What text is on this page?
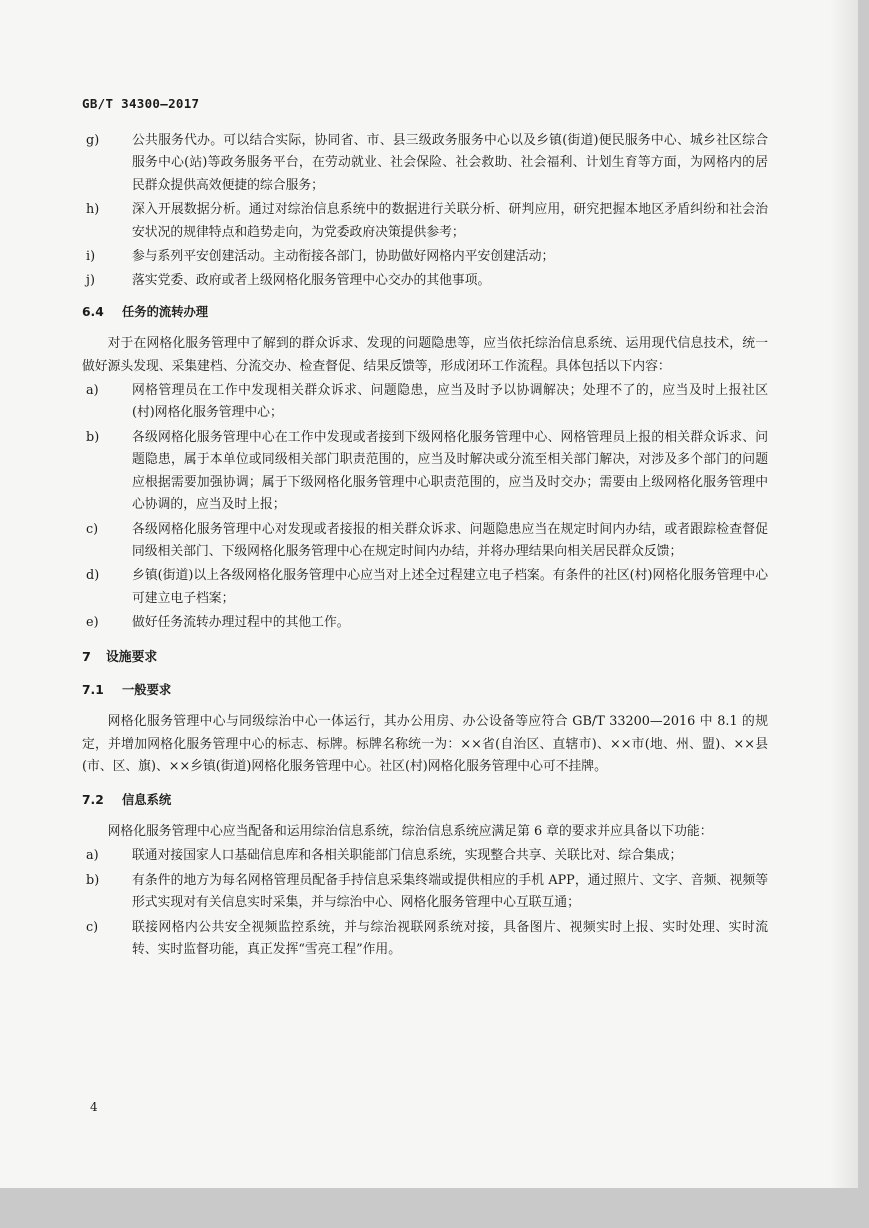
GB/T 34300—2017
g)	公共服务代办。可以结合实际，协同省、市、县三级政务服务中心以及乡镇(街道)便民服务中心、城乡社区综合服务中心(站)等政务服务平台，在劳动就业、社会保险、社会救助、社会福利、计划生育等方面，为网格内的居民群众提供高效便捷的综合服务；
h)	深入开展数据分析。通过对综治信息系统中的数据进行关联分析、研判应用，研究把握本地区矛盾纠纷和社会治安状况的规律特点和趋势走向，为党委政府决策提供参考；
i)	参与系列平安创建活动。主动衔接各部门，协助做好网格内平安创建活动；
j)	落实党委、政府或者上级网格化服务管理中心交办的其他事项。
6.4 任务的流转办理
对于在网格化服务管理中了解到的群众诉求、发现的问题隐患等，应当依托综治信息系统、运用现代信息技术，统一做好源头发现、采集建档、分流交办、检查督促、结果反馈等，形成闭环工作流程。具体包括以下内容：
a)	网格管理员在工作中发现相关群众诉求、问题隐患，应当及时予以协调解决；处理不了的，应当及时上报社区(村)网格化服务管理中心；
b)	各级网格化服务管理中心在工作中发现或者接到下级网格化服务管理中心、网格管理员上报的相关群众诉求、问题隐患，属于本单位或同级相关部门职责范围的，应当及时解决或分流至相关部门解决，对涉及多个部门的问题应根据需要加强协调；属于下级网格化服务管理中心职责范围的，应当及时交办；需要由上级网格化服务管理中心协调的，应当及时上报；
c)	各级网格化服务管理中心对发现或者接报的相关群众诉求、问题隐患应当在规定时间内办结，或者跟踪检查督促同级相关部门、下级网格化服务管理中心在规定时间内办结，并将办理结果向相关居民群众反馈；
d)	乡镇(街道)以上各级网格化服务管理中心应当对上述全过程建立电子档案。有条件的社区(村)网格化服务管理中心可建立电子档案；
e)	做好任务流转办理过程中的其他工作。
7 设施要求
7.1 一般要求
网格化服务管理中心与同级综治中心一体运行，其办公用房、办公设备等应符合 GB/T 33200—2016 中 8.1 的规定，并增加网格化服务管理中心的标志、标牌。标牌名称统一为：××省(自治区、直辖市)、××市(地、州、盟)、××县(市、区、旗)、××乡镇(街道)网格化服务管理中心。社区(村)网格化服务管理中心可不挂牌。
7.2 信息系统
网格化服务管理中心应当配备和运用综治信息系统，综治信息系统应满足第 6 章的要求并应具备以下功能：
a)	联通对接国家人口基础信息库和各相关职能部门信息系统，实现整合共享、关联比对、综合集成；
b)	有条件的地方为每名网格管理员配备手持信息采集终端或提供相应的手机 APP，通过照片、文字、音频、视频等形式实现对有关信息实时采集，并与综治中心、网格化服务管理中心互联互通；
c)	联接网格内公共安全视频监控系统，并与综治视联网系统对接，具备图片、视频实时上报、实时处理、实时流转、实时监督功能，真正发挥“雪亮工程”作用。
4
